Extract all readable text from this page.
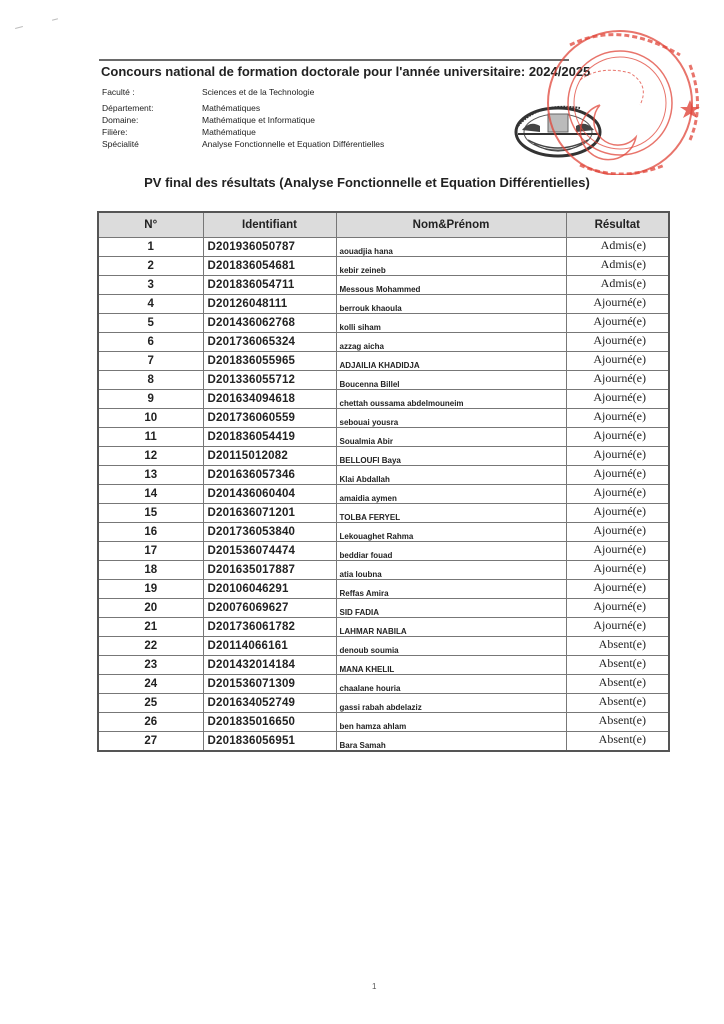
Concours national de formation doctorale pour l'année universitaire: 2024/2025
Faculté :	Sciences et de la Technologie
Département:	Mathématiques
Domaine:	Mathématique et Informatique
Filière:	Mathématique
Spécialité	Analyse Fonctionnelle et Equation Différentielles
PV final des résultats (Analyse Fonctionnelle et Equation Différentielles)
N°	Identifiant	Nom&Prénom	Résultat
1	D201936050787	aouadjia hana	Admis(e)
2	D201836054681	kebir zeineb	Admis(e)
3	D201836054711	Messous Mohammed	Admis(e)
4	D20126048111	berrouk khaoula	Ajourné(e)
5	D201436062768	kolli siham	Ajourné(e)
6	D201736065324	azzag aicha	Ajourné(e)
7	D201836055965	ADJAILIA KHADIDJA	Ajourné(e)
8	D201336055712	Boucenna Billel	Ajourné(e)
9	D201634094618	chettah oussama abdelmouneim	Ajourné(e)
10	D201736060559	sebouai yousra	Ajourné(e)
11	D201836054419	Soualmia Abir	Ajourné(e)
12	D20115012082	BELLOUFI Baya	Ajourné(e)
13	D201636057346	Klai Abdallah	Ajourné(e)
14	D201436060404	amaidia aymen	Ajourné(e)
15	D201636071201	TOLBA FERYEL	Ajourné(e)
16	D201736053840	Lekouaghet Rahma	Ajourné(e)
17	D201536074474	beddiar fouad	Ajourné(e)
18	D201635017887	atia loubna	Ajourné(e)
19	D20106046291	Reffas Amira	Ajourné(e)
20	D20076069627	SID FADIA	Ajourné(e)
21	D201736061782	LAHMAR NABILA	Ajourné(e)
22	D20114066161	denoub soumia	Absent(e)
23	D201432014184	MANA KHELIL	Absent(e)
24	D201536071309	chaalane houria	Absent(e)
25	D201634052749	gassi rabah abdelaziz	Absent(e)
26	D201835016650	ben hamza ahlam	Absent(e)
27	D201836056951	Bara Samah	Absent(e)
1
